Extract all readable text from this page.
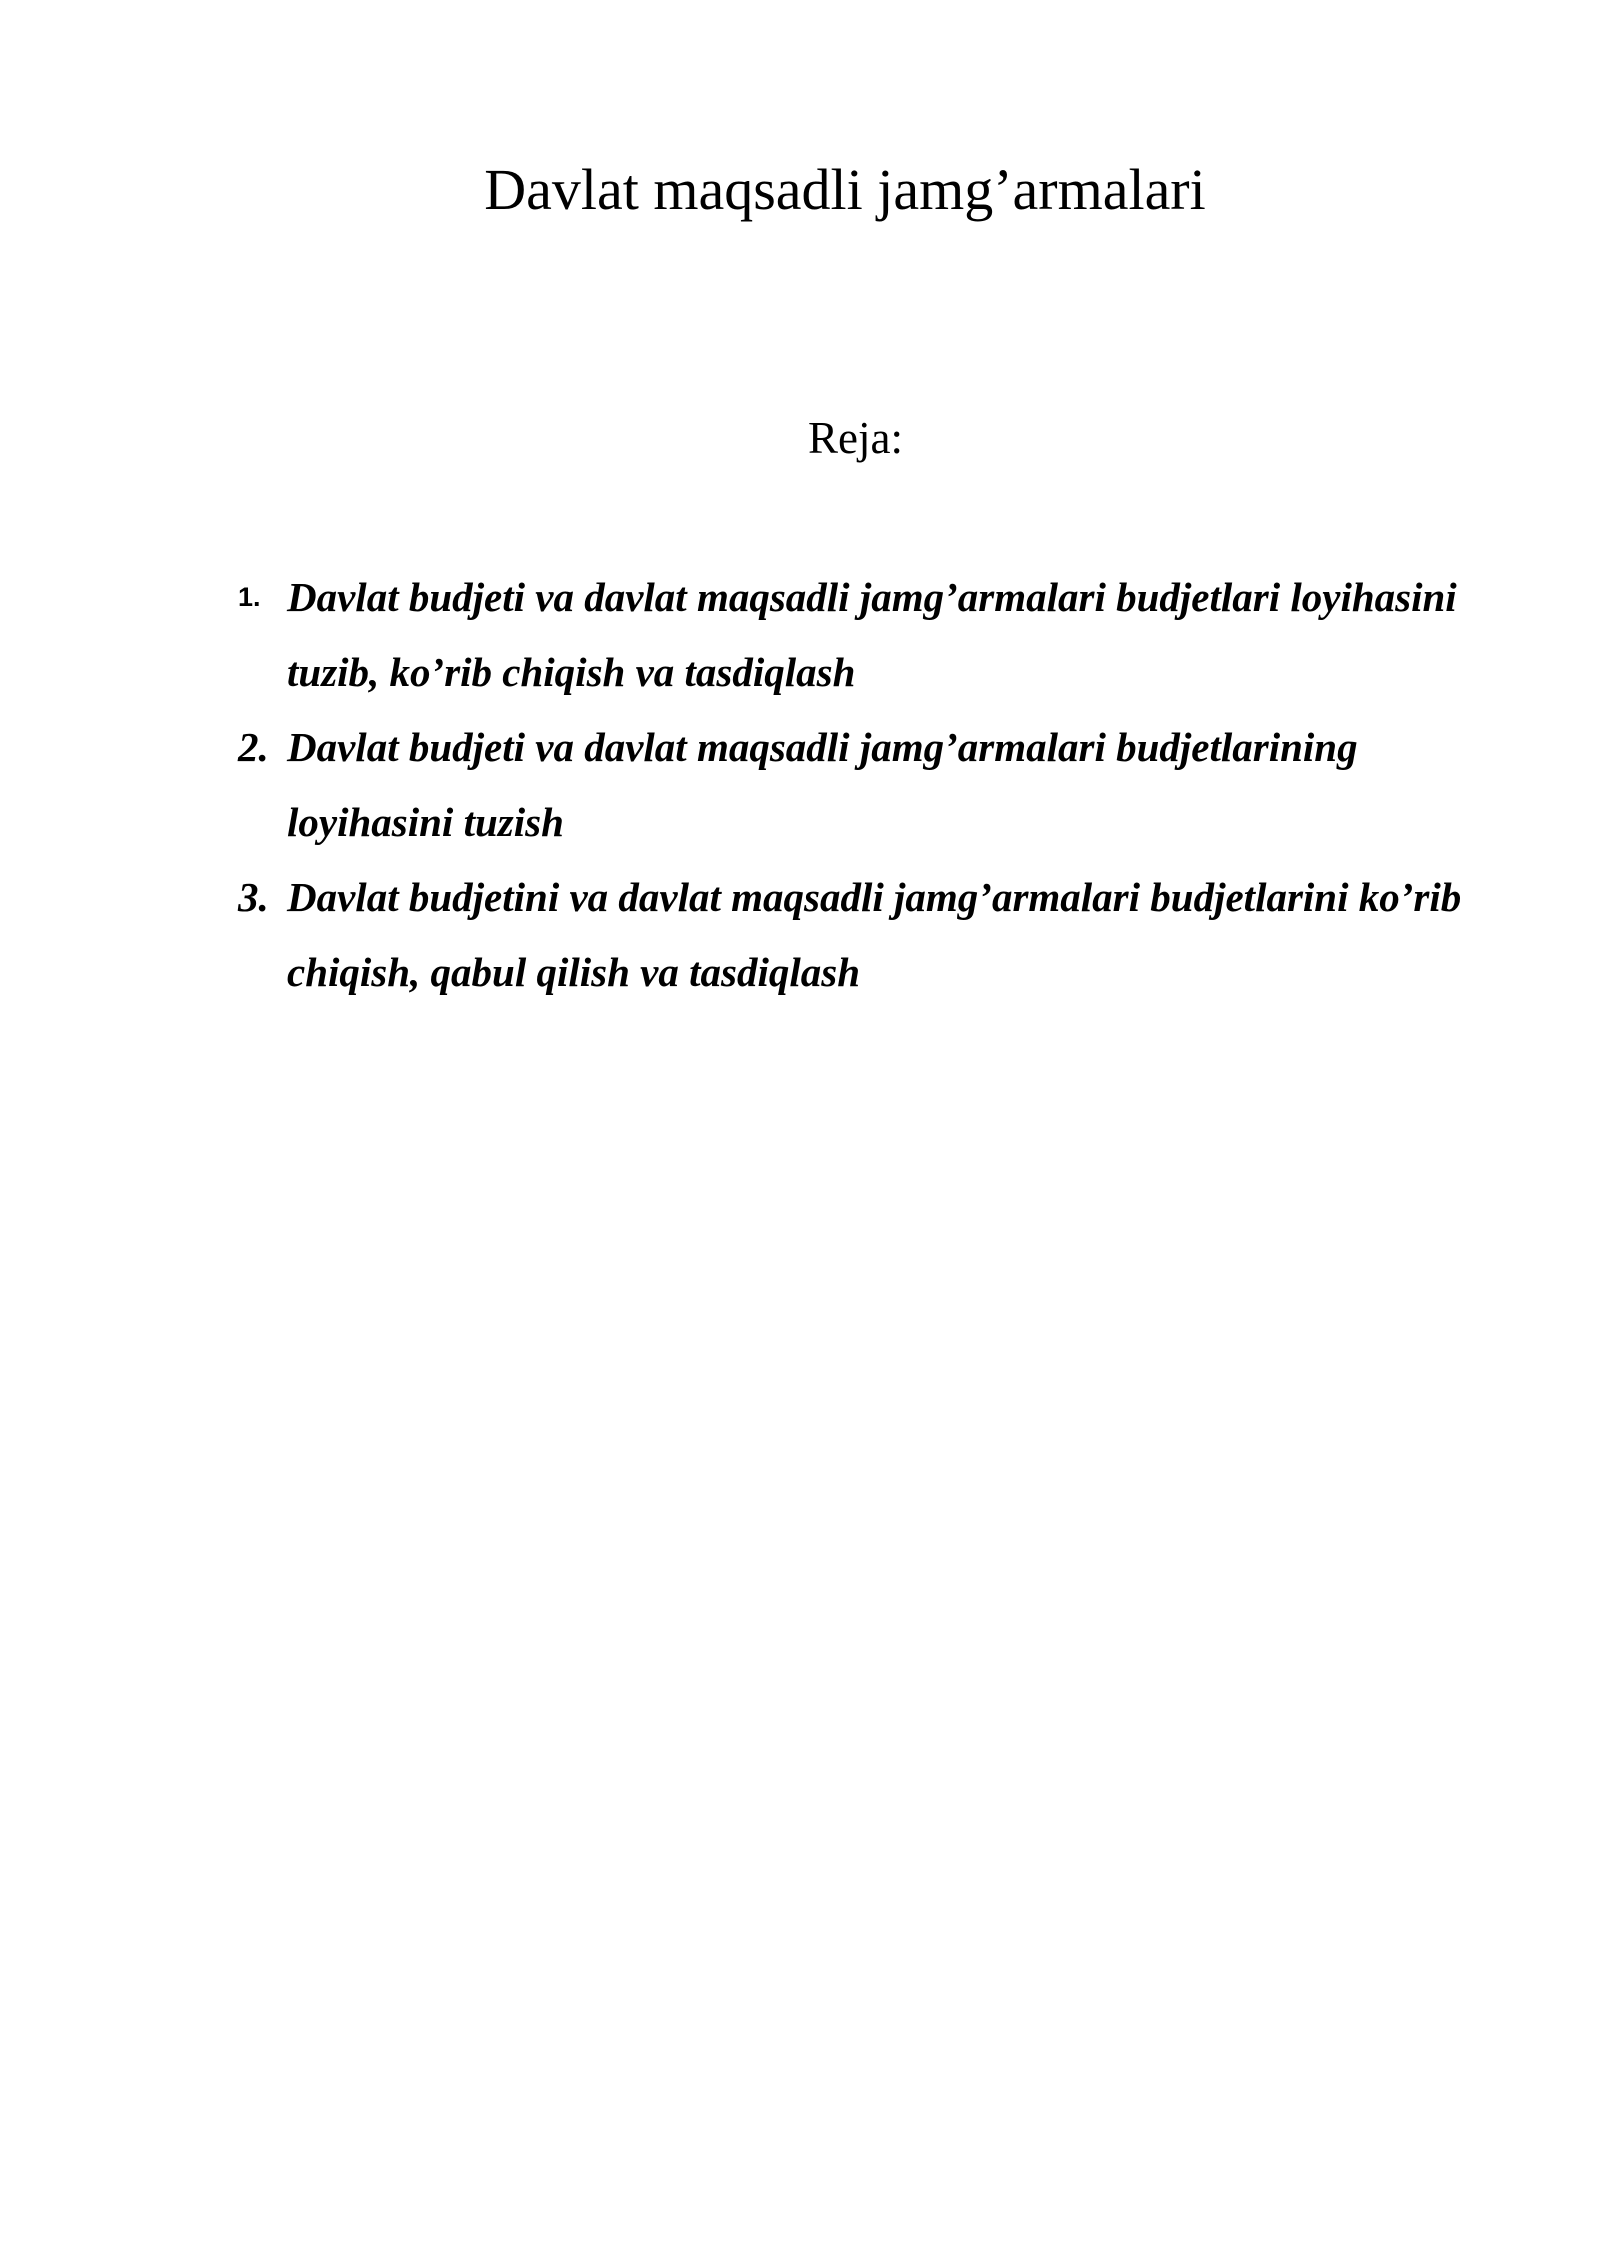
Davlat maqsadli jamg’armalari
Reja:
1. Davlat budjeti va davlat maqsadli jamg’armalari budjetlari loyihasini tuzib, ko’rib chiqish va tasdiqlash
2. Davlat budjeti va davlat maqsadli jamg’armalari budjetlarining loyihasini tuzish
3. Davlat budjetini va davlat maqsadli jamg’armalari budjetlarini ko’rib chiqish, qabul qilish va tasdiqlash
